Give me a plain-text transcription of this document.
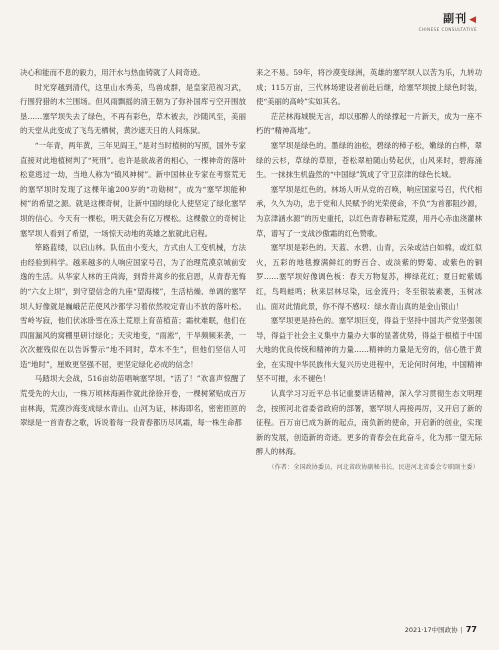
副刊 ◀
CHINESE CONSULTATIVE

决心和能而不息的毅力，用汗水与热血铸就了人间奇迹。

时光穿越到清代，这里山水秀美，鸟兽成群，是皇家范视习武，行围狩猎的木兰围场。但风雨飘摇的清王朝为了弥补国库亏空开围放垦……塞罕坝失去了绿色，不再有彩色，草木被去，沙随风至，美丽的天堂从此变成了飞鸟无栖树，黄沙遮天日的人间炼狱。

“一年青，两年黄，三年见阎王，”是对当时植树的写照，国外专家直接对此地植树判了“死刑”。也许是欲战者的相心，一棵神奇的落叶松竟逃过一劫，当地人称为“镇风神树”。新中国林业专家在考察荒无的塞罕坝时发现了这棵年逾200岁的“功勋树”，成为“塞罕坝能种树”的希望之源。就是这棵奇树，让新中国的绿化人使坚定了绿化塞罕坝的信心。今天有一棵松，明天就会有亿万棵松。这棵傲立的奇树让塞罕坝人看到了希望，一场惊天动地的英雄之旅就此启程。

筚路蓝缕，以启山林。队伍由小变大，方式由人工变机械，方法由经验到科学。越来越多的人响应国家号召，为了治理荒漠京城前安逸的生活。从华家人林的王尚海，到背井离乡的张启恩，从青春无悔的“六女上坝”，到守望信念的九座“望海楼”，生活枯燥、单调的塞罕坝人好像就是巍峨茫茫使风沙都学习着依然咬定青山不放的落叶松。雪岭岑寂，他们伏冰卧雪在冻土荒原上育苗植苗；霜枕难眠，他们在四面漏风的窝棚里研讨绿化；天灾地变，“雨淞”，干旱频频来袭，一次次摧残似在以告诉警示“地不同时，草木不生”，但他们坚信人可造“地时”，厘败更坚强不屈，更坚定绿化必成的信念！

马踏坝大会战，516亩幼苗唱响塞罕坝。“活了！”欢喜声惊醒了荒受先的大山，一株万顷林海画作就此徐徐开卷，一棵树紧贴成百万亩林海，荒漠沙海变成绿水青山。山河为证，林海即名，密密匝匝的翠绿是一首青春之歌，诉说着每一段青春都历尽风霜，每一株生命都

来之不易。59年，将沙漠变绿洲，英雄的塞罕坝人以苦为乐，九转功成；115万亩，三代林场建设者前赴后继，给塞罕坝披上绿色时装，使“美丽的高岭”实如其名。

茫茫林海城脱无言，却以那醉人的绿撑起一片新天，成为一座不朽的“精神高地”。

塞罕坝是绿色的。墨绿的油松，碧绿的樟子松，嫩绿的白桦，翠绿的云杉，草绿的草原，苍松翠柏随山势起伏，山风来时，碧海涌生。一抹抹生机盎然的“中国绿”筑成了守卫京津的绿色长城。

塞罕坝是红色的。林场人听从党的召唤，响应国家号召，代代相承，久久为功，忠于党和人民赋予的光荣使命，不负“为首都阻沙源，为京津涵水源”的历史重托，以红色青春耕耘荒漠，用丹心赤血浇灌林草，谱写了一支战沙傲霜的红色赞歌。

塞罕坝是彩色的。天蓝、水碧、山青，云朵或洁白如棉，或红似火，五彩的地毯撩满鲜红的野百合、或淡紫的野菊、或紫色的铜罗……塞罕坝好像调色板：春天万物复苏，柳绿花红；夏日蛇紫嫣红，鸟鸣蛙鸣；秋来层林尽染，远金流丹；冬至银装素裹，玉树冰山。面对此情此景，你不得不感叹：绿水青山真的是金山银山！

塞罕坝更是持色的。塞罕坝巨变，得益于坚持中国共产党坚强领导，得益于社会主义集中力量办大事的显著优势，得益于根植于中国大地的优良传统和精神的力量……精神的力量是无穷的，信心胜于黄金，在实现中华民族伟大复兴历史进程中，无论何时何地，中国精神坚不可摧，永不褪色！

认真学习习近平总书记重要讲话精神，深入学习贯彻生态文明理念，按照河北省委省政府的部署，塞罕坝人再接再厉，又开启了新的征程。百万亩已成为新的起点，南负新的使命，开启新的创业，实现新的发展，创造新的奇迹。更多的青春会在此奋斗，化为那一望无际醉人的林海。

（作者：全国政协委员，河北省政协副秘书长，民进河北省委会专职副主委）

2021·17中国政协 | 77
